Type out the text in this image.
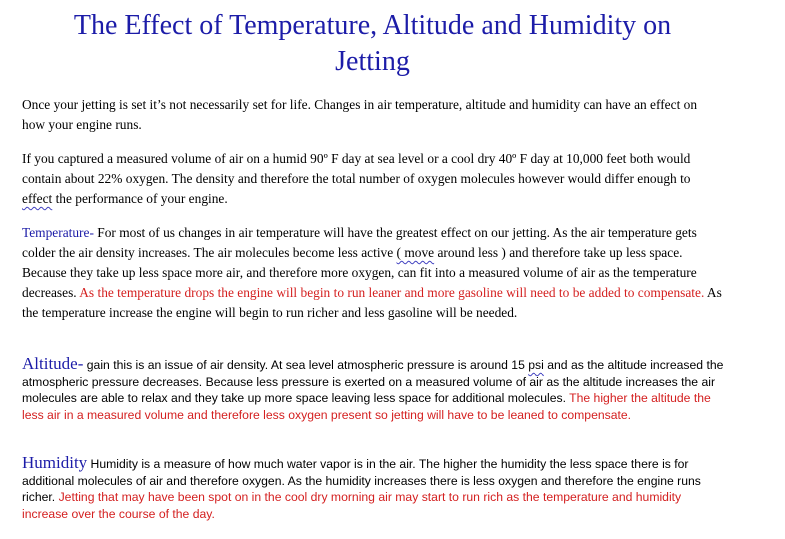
The Effect of Temperature, Altitude and Humidity on
Jetting
Once your jetting is set it’s not necessarily set for life. Changes in air temperature, altitude and humidity can have an effect on how your engine runs.
If you captured a measured volume of air on a humid 90º F day at sea level or a cool dry 40º F day at 10,000 feet both would contain about 22% oxygen. The density and therefore the total number of oxygen molecules however would differ enough to effect the performance of your engine.
Temperature- For most of us changes in air temperature will have the greatest effect on our jetting. As the air temperature gets colder the air density increases. The air molecules become less active ( move around less ) and therefore take up less space. Because they take up less space more air, and therefore more oxygen, can fit into a measured volume of air as the temperature decreases. As the temperature drops the engine will begin to run leaner and more gasoline will need to be added to compensate. As the temperature increase the engine will begin to run richer and less gasoline will be needed.
Altitude- gain this is an issue of air density. At sea level atmospheric pressure is around 15 psi and as the altitude increased the atmospheric pressure decreases. Because less pressure is exerted on a measured volume of air as the altitude increases the air molecules are able to relax and they take up more space leaving less space for additional molecules. The higher the altitude the less air in a measured volume and therefore less oxygen present so jetting will have to be leaned to compensate.
Humidity Humidity is a measure of how much water vapor is in the air. The higher the humidity the less space there is for additional molecules of air and therefore oxygen. As the humidity increases there is less oxygen and therefore the engine runs richer. Jetting that may have been spot on in the cool dry morning air may start to run rich as the temperature and humidity increase over the course of the day.
